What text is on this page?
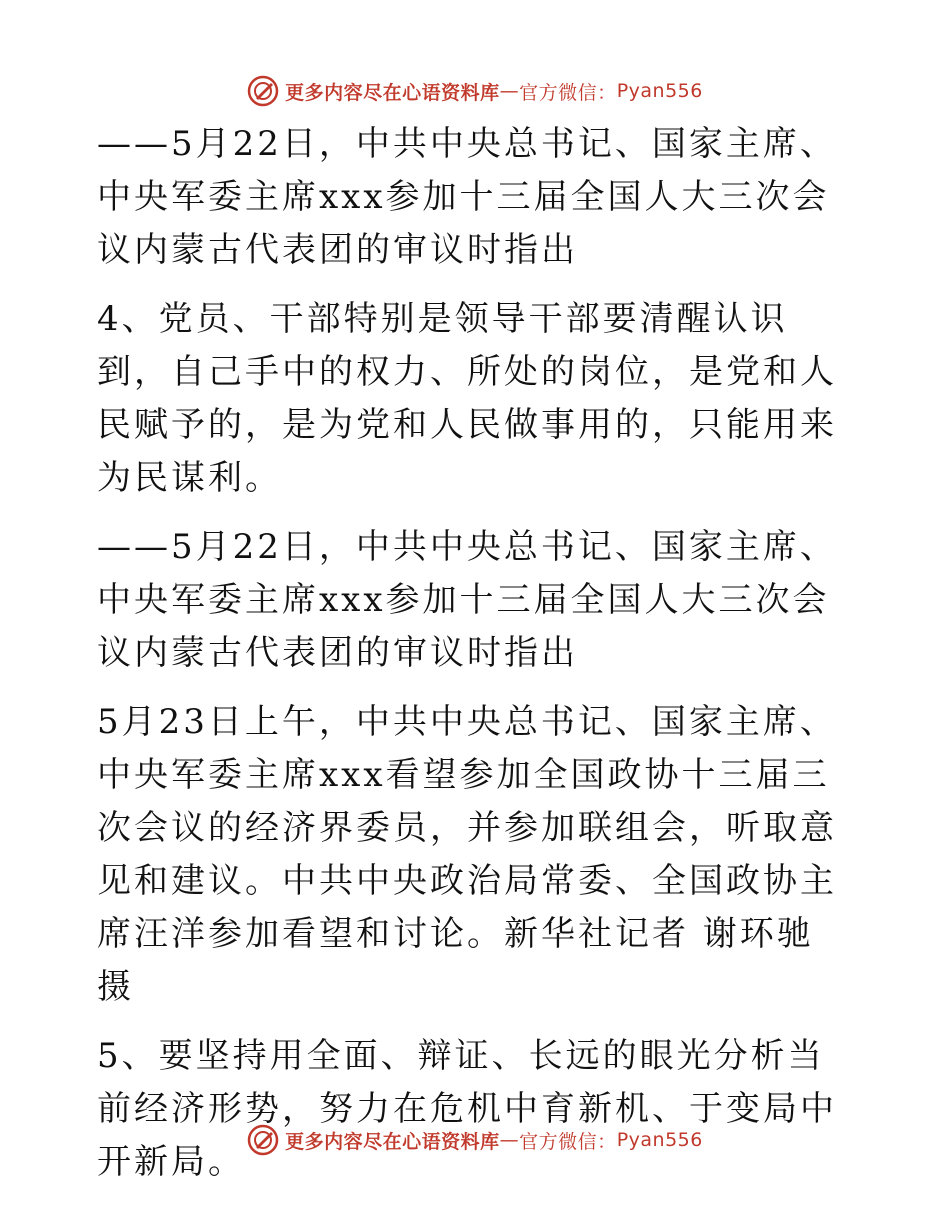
更多内容尽在心语资料库 — 官方微信： Pyan556

——5月22日，中共中央总书记、国家主席、中央军委主席xxx参加十三届全国人大三次会议内蒙古代表团的审议时指出

4、党员、干部特别是领导干部要清醒认识到，自己手中的权力、所处的岗位，是党和人民赋予的，是为党和人民做事用的，只能用来为民谋利。

——5月22日，中共中央总书记、国家主席、中央军委主席xxx参加十三届全国人大三次会议内蒙古代表团的审议时指出

5月23日上午，中共中央总书记、国家主席、中央军委主席xxx看望参加全国政协十三届三次会议的经济界委员，并参加联组会，听取意见和建议。中共中央政治局常委、全国政协主席汪洋参加看望和讨论。新华社记者 谢环驰 摄

5、要坚持用全面、辩证、长远的眼光分析当前经济形势，努力在危机中育新机、于变局中开新局。

更多内容尽在心语资料库 — 官方微信： Pyan556
